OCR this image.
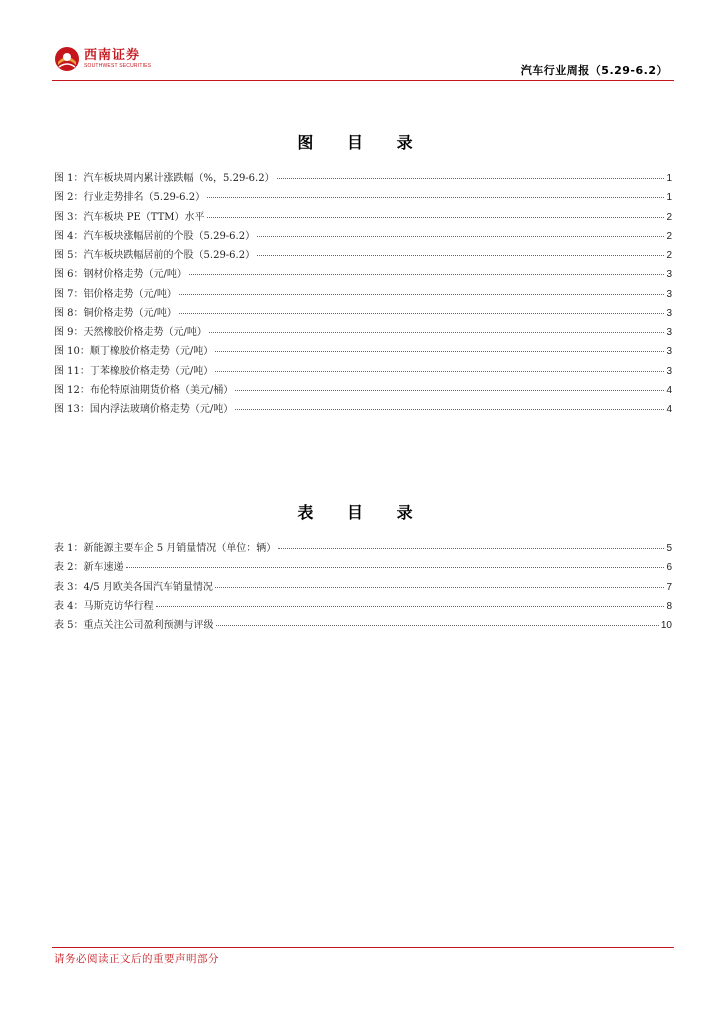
西南证券
SOUTHWEST SECURITIES	汽车行业周报（5.29-6.2）
图 目 录
图 1：汽车板块周内累计涨跌幅（%，5.29-6.2）	1
图 2：行业走势排名（5.29-6.2）	1
图 3：汽车板块 PE（TTM）水平	2
图 4：汽车板块涨幅居前的个股（5.29-6.2）	2
图 5：汽车板块跌幅居前的个股（5.29-6.2）	2
图 6：钢材价格走势（元/吨）	3
图 7：铝价格走势（元/吨）	3
图 8：铜价格走势（元/吨）	3
图 9：天然橡胶价格走势（元/吨）	3
图 10：顺丁橡胶价格走势（元/吨）	3
图 11：丁苯橡胶价格走势（元/吨）	3
图 12：布伦特原油期货价格（美元/桶）	4
图 13：国内浮法玻璃价格走势（元/吨）	4
表 目 录
表 1：新能源主要车企 5 月销量情况（单位：辆）	5
表 2：新车速递	6
表 3：4/5 月欧美各国汽车销量情况	7
表 4：马斯克访华行程	8
表 5：重点关注公司盈利预测与评级	10
请务必阅读正文后的重要声明部分
